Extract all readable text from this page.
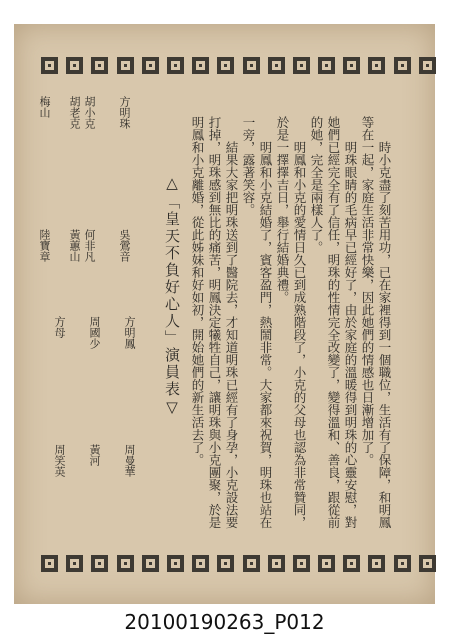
時小克盡了刻苦用功，已在家裡得到一個職位，生活有了保障，和明鳳等在一起，家庭生活非常快樂，因此她們的情感也日漸增加了。

明珠眼睛的毛病早已經好了，由於家庭的溫暖得到明珠的心靈安慰，對她們已經完全有了信任，明珠的性情完全改變了，變得溫和、善良，跟從前的她，完全是兩樣人了。

明鳳和小克的愛情日久已到成熟階段了，小克的父母也認為非常贊同，於是一擇擇吉日，舉行結婚典禮。

明鳳和小克結婚了，賓客盈門，熱鬧非常。大家都來祝賀，明珠也站在一旁，露著笑容。

結果大家把明珠送到了醫院去，才知道明珠已經有了身孕，小克設法要打掉，明珠感到無比的痛苦，明鳳決定犧牲自己，讓明珠與小克團聚，於是明鳳和小克離婚，從此姊妹和好如初，開始她們的新生活去了。

△「皇天不負好心人」演員表▽
方明珠
吳鶯音
胡小克
何非凡
胡老克
黃蕙山
梅山
陸寶章
方明鳳
周曼華
周國少
黃河
方母
周笑英
20100190263_P012
